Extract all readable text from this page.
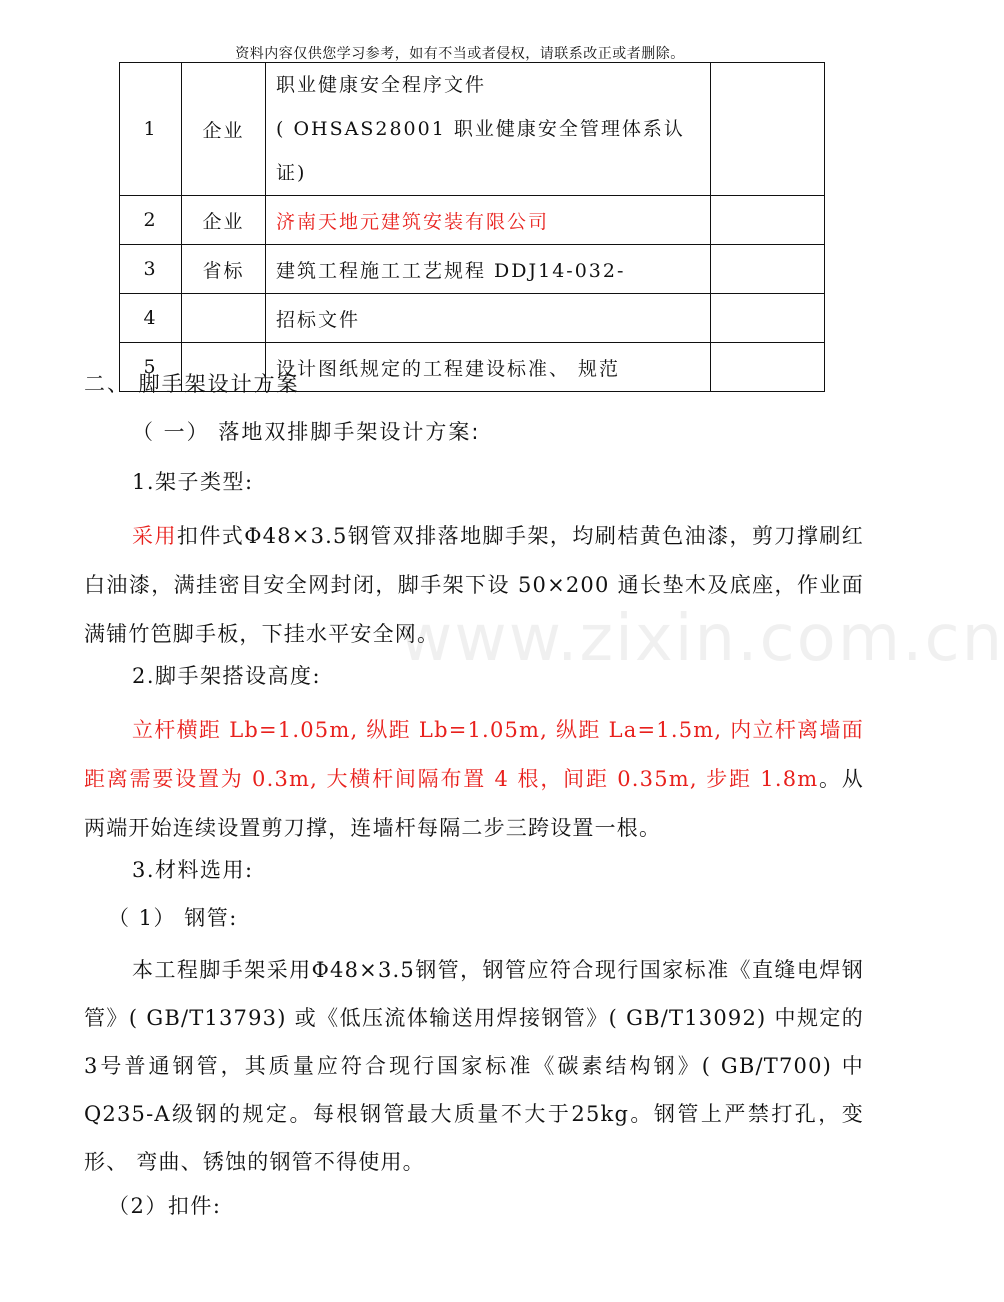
资料内容仅供您学习参考，如有不当或者侵权，请联系改正或者删除。
1	企业	职业健康安全程序文件
( OHSAS28001 职业健康安全管理体系认证)	

2	企业	济南天地元建筑安装有限公司	
3	省标	建筑工程施工工艺规程 DDJ14-032-	
4		招标文件	
5		设计图纸规定的工程建设标准、 规范	
二、 脚手架设计方案
（ 一） 落地双排脚手架设计方案:
1.架子类型:
采用扣件式Φ48×3.5钢管双排落地脚手架，均刷桔黄色油漆，剪刀撑刷红白油漆，满挂密目安全网封闭，脚手架下设 50×200 通长垫木及底座，作业面满铺竹笆脚手板，下挂水平安全网。
2.脚手架搭设高度:
立杆横距 Lb=1.05m, 纵距 Lb=1.05m, 纵距 La=1.5m, 内立杆离墙面距离需要设置为 0.3m, 大横杆间隔布置 4 根，间距 0.35m, 步距 1.8m。从两端开始连续设置剪刀撑，连墙杆每隔二步三跨设置一根。
3.材料选用:
（ 1） 钢管:
本工程脚手架采用Φ48×3.5钢管，钢管应符合现行国家标准《直缝电焊钢管》( GB/T13793) 或《低压流体输送用焊接钢管》( GB/T13092) 中规定的3号普通钢管，其质量应符合现行国家标准《碳素结构钢》( GB/T700) 中Q235-A级钢的规定。每根钢管最大质量不大于25kg。钢管上严禁打孔，变形、 弯曲、锈蚀的钢管不得使用。
（2）扣件:
www.zixin.com.cn
